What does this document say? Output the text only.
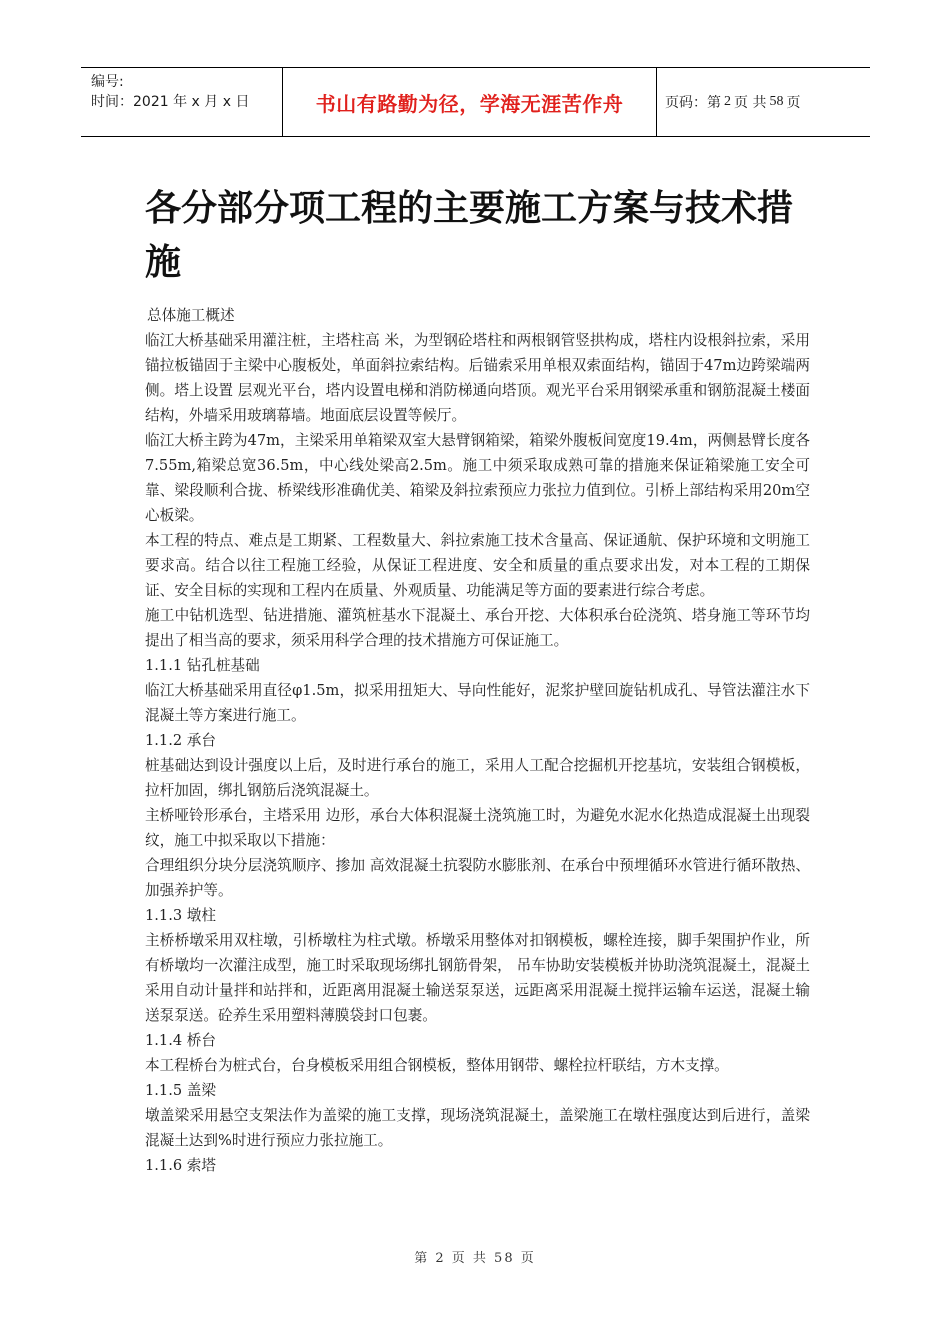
编号:
时间：2021 年 x 月 x 日	书山有路勤为径，学海无涯苦作舟	页码：第 2 页 共 58 页
各分部分项工程的主要施工方案与技术措施

总体施工概述

临江大桥基础采用灌注桩，主塔柱高 米，为型钢砼塔柱和两根钢管竖拱构成，塔柱内设根斜拉索，采用锚拉板锚固于主梁中心腹板处，单面斜拉索结构。后锚索采用单根双索面结构，锚固于47m边跨梁端两侧。塔上设置 层观光平台，塔内设置电梯和消防梯通向塔顶。观光平台采用钢梁承重和钢筋混凝土楼面结构，外墙采用玻璃幕墙。地面底层设置等候厅。

临江大桥主跨为47m，主梁采用单箱梁双室大悬臂钢箱梁，箱梁外腹板间宽度19.4m，两侧悬臂长度各7.55m,箱梁总宽36.5m，中心线处梁高2.5m。施工中须采取成熟可靠的措施来保证箱梁施工安全可靠、梁段顺利合拢、桥梁线形准确优美、箱梁及斜拉索预应力张拉力值到位。引桥上部结构采用20m空心板梁。

本工程的特点、难点是工期紧、工程数量大、斜拉索施工技术含量高、保证通航、保护环境和文明施工要求高。结合以往工程施工经验，从保证工程进度、安全和质量的重点要求出发，对本工程的工期保证、安全目标的实现和工程内在质量、外观质量、功能满足等方面的要素进行综合考虑。

施工中钻机选型、钻进措施、灌筑桩基水下混凝土、承台开挖、大体积承台砼浇筑、塔身施工等环节均提出了相当高的要求，须采用科学合理的技术措施方可保证施工。

1.1.1 钻孔桩基础

临江大桥基础采用直径φ1.5m，拟采用扭矩大、导向性能好，泥浆护壁回旋钻机成孔、导管法灌注水下混凝土等方案进行施工。

1.1.2 承台

桩基础达到设计强度以上后，及时进行承台的施工，采用人工配合挖掘机开挖基坑，安装组合钢模板，拉杆加固，绑扎钢筋后浇筑混凝土。

主桥哑铃形承台，主塔采用 边形，承台大体积混凝土浇筑施工时，为避免水泥水化热造成混凝土出现裂纹，施工中拟采取以下措施：

合理组织分块分层浇筑顺序、掺加 高效混凝土抗裂防水膨胀剂、在承台中预埋循环水管进行循环散热、加强养护等。

1.1.3 墩柱

主桥桥墩采用双柱墩，引桥墩柱为柱式墩。桥墩采用整体对扣钢模板，螺栓连接，脚手架围护作业，所有桥墩均一次灌注成型，施工时采取现场绑扎钢筋骨架， 吊车协助安装模板并协助浇筑混凝土，混凝土采用自动计量拌和站拌和，近距离用混凝土输送泵泵送，远距离采用混凝土搅拌运输车运送，混凝土输送泵泵送。砼养生采用塑料薄膜袋封口包裹。

1.1.4 桥台

本工程桥台为桩式台，台身模板采用组合钢模板，整体用钢带、螺栓拉杆联结，方木支撑。

1.1.5 盖梁

墩盖梁采用悬空支架法作为盖梁的施工支撑，现场浇筑混凝土，盖梁施工在墩柱强度达到后进行，盖梁混凝土达到%时进行预应力张拉施工。

1.1.6 索塔

第 2 页 共 58 页
